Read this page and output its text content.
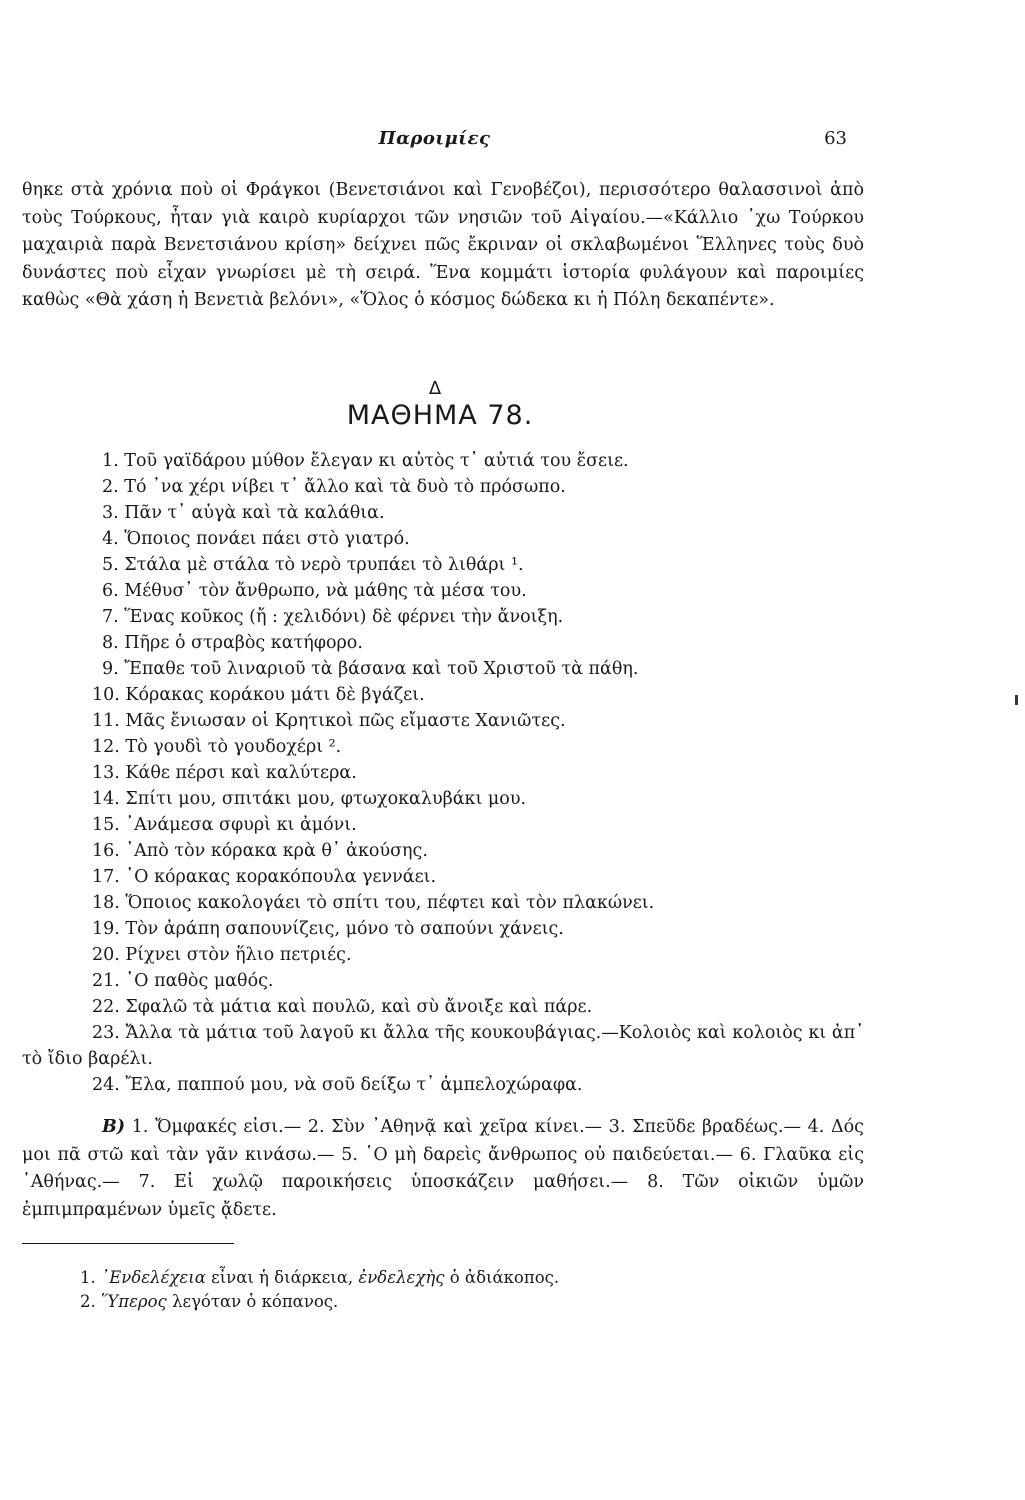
Παροιμίες	63
θηκε στὰ χρόνια ποὺ οἱ Φράγκοι (Βενετσιάνοι καὶ Γενοβέζοι), περισσότερο θαλασσινοὶ ἀπὸ τοὺς Τούρκους, ἦταν γιὰ καιρὸ κυρίαρχοι τῶν νησιῶν τοῦ Αἰγαίου.—«Κάλλιο ᾽χω Τούρκου μαχαιριὰ παρὰ Βενετσιάνου κρίση» δείχνει πῶς ἔκριναν οἱ σκλαβωμένοι Ἕλληνες τοὺς δυὸ δυνάστες ποὺ εἶχαν γνωρίσει μὲ τὴ σειρά. Ἕνα κομμάτι ἱστορία φυλάγουν καὶ παροιμίες καθὼς «Θὰ χάση ἡ Βενετιὰ βελόνι», «Ὅλος ὁ κόσμος δώδεκα κι ἡ Πόλη δεκαπέντε».
Δ
ΜΑΘΗΜΑ 78.
1. Τοῦ γαϊδάρου μύθον ἔλεγαν κι αὐτὸς τ᾽ αὐτιά του ἔσειε.
2. Τό ᾽να χέρι νίβει τ᾽ ἄλλο καὶ τὰ δυὸ τὸ πρόσωπο.
3. Πᾶν τ᾽ αὐγὰ καὶ τὰ καλάθια.
4. Ὅποιος πονάει πάει στὸ γιατρό.
5. Στάλα μὲ στάλα τὸ νερὸ τρυπάει τὸ λιθάρι ¹.
6. Μέθυσ᾽ τὸν ἄνθρωπο, νὰ μάθης τὰ μέσα του.
7. Ἕνας κοῦκος (ἤ : χελιδόνι) δὲ φέρνει τὴν ἄνοιξη.
8. Πῆρε ὁ στραβὸς κατήφορο.
9. Ἔπαθε τοῦ λιναριοῦ τὰ βάσανα καὶ τοῦ Χριστοῦ τὰ πάθη.
10. Κόρακας κοράκου μάτι δὲ βγάζει.
11. Μᾶς ἔνιωσαν οἱ Κρητικοὶ πῶς εἴμαστε Χανιῶτες.
12. Τὸ γουδὶ τὸ γουδοχέρι ².
13. Κάθε πέρσι καὶ καλύτερα.
14. Σπίτι μου, σπιτάκι μου, φτωχοκαλυβάκι μου.
15. ᾽Ανάμεσα σφυρὶ κι ἀμόνι.
16. ᾽Απὸ τὸν κόρακα κρὰ θ᾽ ἀκούσης.
17. ῾Ο κόρακας κορακόπουλα γεννάει.
18. Ὅποιος κακολογάει τὸ σπίτι του, πέφτει καὶ τὸν πλακώνει.
19. Τὸν ἀράπη σαπουνίζεις, μόνο τὸ σαπούνι χάνεις.
20. Ρίχνει στὸν ἥλιο πετριές.
21. ῾Ο παθὸς μαθός.
22. Σφαλῶ τὰ μάτια καὶ πουλῶ, καὶ σὺ ἄνοιξε καὶ πάρε.
23. Ἄλλα τὰ μάτια τοῦ λαγοῦ κι ἄλλα τῆς κουκουβάγιας.—Κολοιὸς καὶ κολοιὸς κι ἀπ᾽ τὸ ἴδιο βαρέλι.
24. Ἔλα, παππού μου, νὰ σοῦ δείξω τ᾽ ἀμπελοχώραφα.
Β) 1. Ὄμφακές εἰσι.— 2. Σὺν ᾽Αθηνᾷ καὶ χεῖρα κίνει.— 3. Σπεῦδε βραδέως.— 4. Δός μοι πᾶ στῶ καὶ τὰν γᾶν κινάσω.— 5. ῾Ο μὴ δαρεὶς ἄνθρωπος οὐ παιδεύεται.— 6. Γλαῦκα εἰς ᾽Αθήνας.— 7. Εἰ χωλῷ παροικήσεις ὑποσκάζειν μαθήσει.— 8. Τῶν οἰκιῶν ὑμῶν ἐμπιμπραμένων ὑμεῖς ᾄδετε.
1. ᾽Ενδελέχεια εἶναι ἡ διάρκεια, ἐνδελεχὴς ὁ ἀδιάκοπος.
2. Ὕπερος λεγόταν ὁ κόπανος.
